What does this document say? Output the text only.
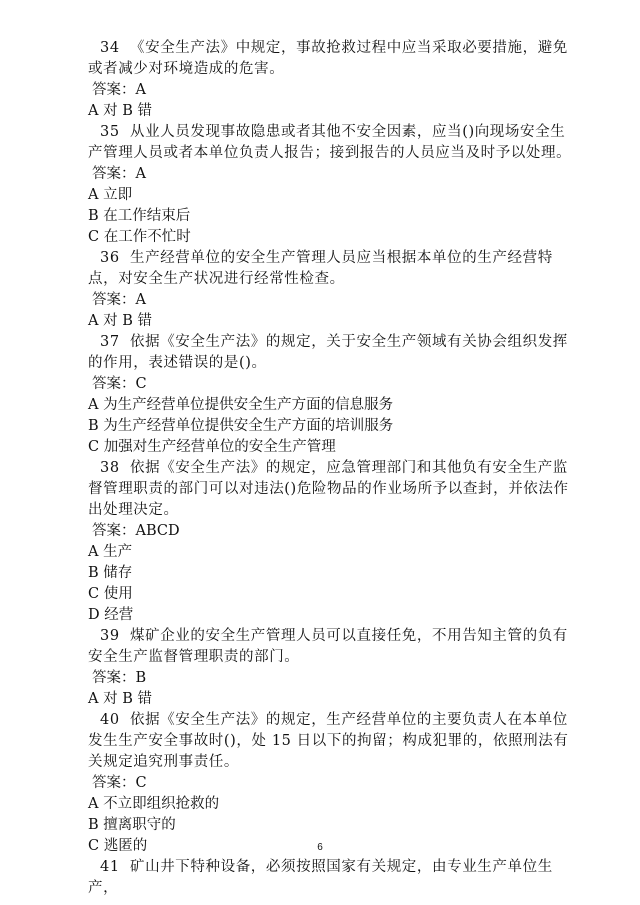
34 《安全生产法》中规定，事故抢救过程中应当采取必要措施，避免或者减少对环境造成的危害。

答案：A

A 对 B 错

35 从业人员发现事故隐患或者其他不安全因素，应当()向现场安全生产管理人员或者本单位负责人报告；接到报告的人员应当及时予以处理。

答案：A

A 立即

B 在工作结束后

C 在工作不忙时

36 生产经营单位的安全生产管理人员应当根据本单位的生产经营特点，对安全生产状况进行经常性检查。

答案：A

A 对 B 错

37 依据《安全生产法》的规定，关于安全生产领域有关协会组织发挥的作用，表述错误的是()。

答案：C

A 为生产经营单位提供安全生产方面的信息服务

B 为生产经营单位提供安全生产方面的培训服务

C 加强对生产经营单位的安全生产管理

38 依据《安全生产法》的规定，应急管理部门和其他负有安全生产监督管理职责的部门可以对违法()危险物品的作业场所予以查封，并依法作出处理决定。

答案：ABCD

A 生产

B 储存

C 使用

D 经营

39 煤矿企业的安全生产管理人员可以直接任免，不用告知主管的负有安全生产监督管理职责的部门。

答案：B

A 对 B 错

40 依据《安全生产法》的规定，生产经营单位的主要负责人在本单位发生生产安全事故时()，处 15 日以下的拘留；构成犯罪的，依照刑法有关规定追究刑事责任。

答案：C

A 不立即组织抢救的

B 擅离职守的

C 逃匿的

41 矿山井下特种设备，必须按照国家有关规定，由专业生产单位生产，

6
